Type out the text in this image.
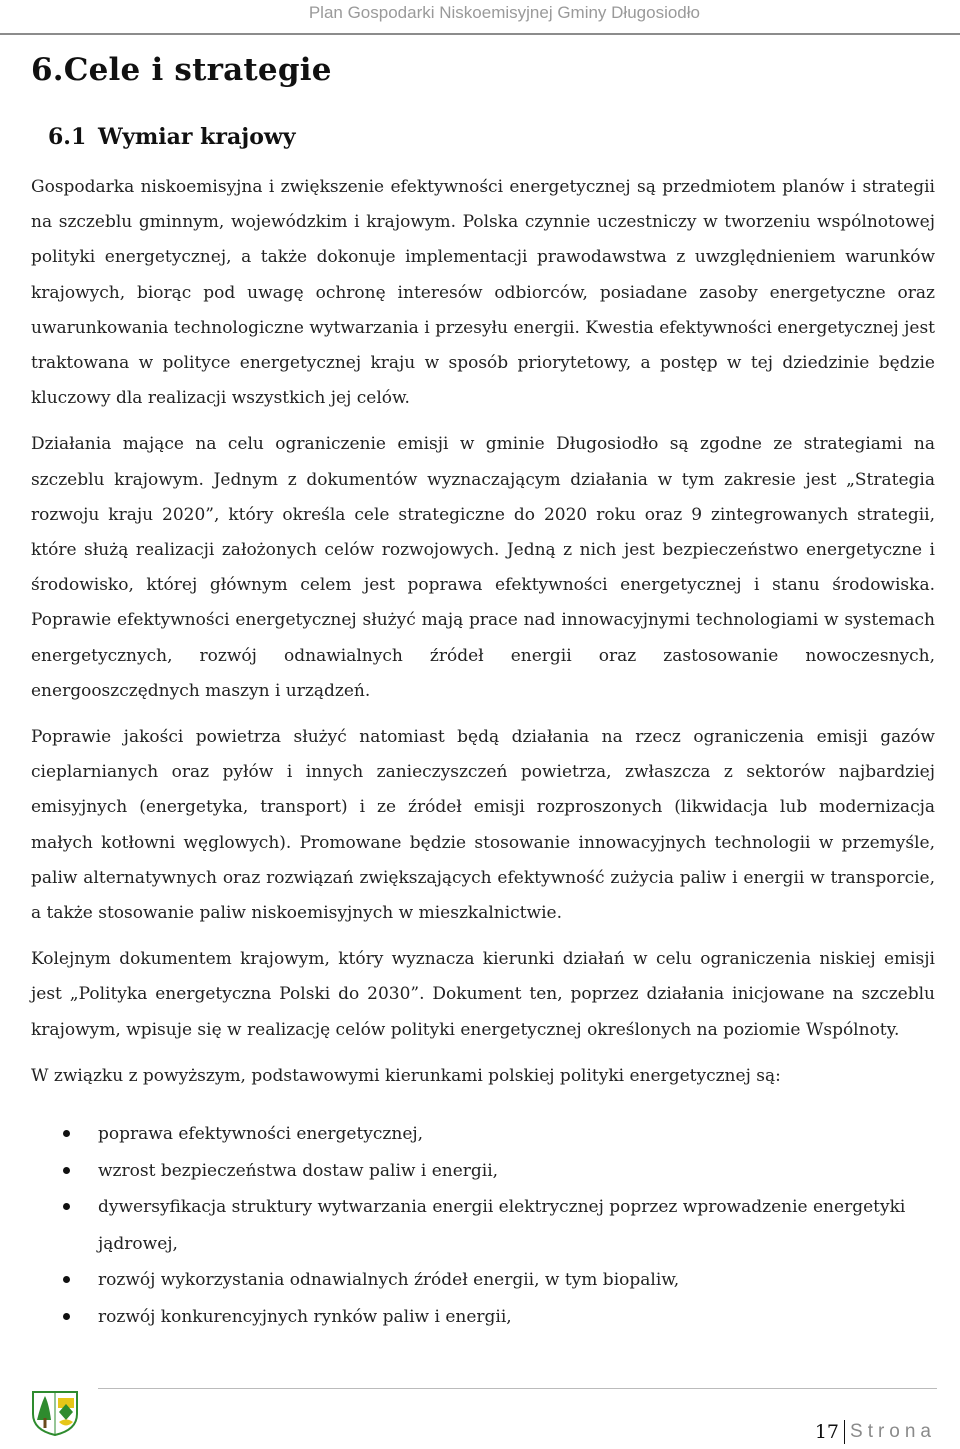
Plan Gospodarki Niskoemisyjnej Gminy Długosiodło
6.Cele i strategie
6.1 Wymiar krajowy

Gospodarka niskoemisyjna i zwiększenie efektywności energetycznej są przedmiotem planów i strategii na szczeblu gminnym, wojewódzkim i krajowym. Polska czynnie uczestniczy w tworzeniu wspólnotowej polityki energetycznej, a także dokonuje implementacji prawodawstwa z uwzględnieniem warunków krajowych, biorąc pod uwagę ochronę interesów odbiorców, posiadane zasoby energetyczne oraz uwarunkowania technologiczne wytwarzania i przesyłu energii. Kwestia efektywności energetycznej jest traktowana w polityce energetycznej kraju w sposób priorytetowy, a postęp w tej dziedzinie będzie kluczowy dla realizacji wszystkich jej celów.

Działania mające na celu ograniczenie emisji w gminie Długosiodło są zgodne ze strategiami na szczeblu krajowym. Jednym z dokumentów wyznaczającym działania w tym zakresie jest „Strategia rozwoju kraju 2020”, który określa cele strategiczne do 2020 roku oraz 9 zintegrowanych strategii, które służą realizacji założonych celów rozwojowych. Jedną z nich jest bezpieczeństwo energetyczne i środowisko, której głównym celem jest poprawa efektywności energetycznej i stanu środowiska. Poprawie efektywności energetycznej służyć mają prace nad innowacyjnymi technologiami w systemach energetycznych, rozwój odnawialnych źródeł energii oraz zastosowanie nowoczesnych, energooszczędnych maszyn i urządzeń.

Poprawie jakości powietrza służyć natomiast będą działania na rzecz ograniczenia emisji gazów cieplarnianych oraz pyłów i innych zanieczyszczeń powietrza, zwłaszcza z sektorów najbardziej emisyjnych (energetyka, transport) i ze źródeł emisji rozproszonych (likwidacja lub modernizacja małych kotłowni węglowych). Promowane będzie stosowanie innowacyjnych technologii w przemyśle, paliw alternatywnych oraz rozwiązań zwiększających efektywność zużycia paliw i energii w transporcie, a także stosowanie paliw niskoemisyjnych w mieszkalnictwie.

Kolejnym dokumentem krajowym, który wyznacza kierunki działań w celu ograniczenia niskiej emisji jest „Polityka energetyczna Polski do 2030”. Dokument ten, poprzez działania inicjowane na szczeblu krajowym, wpisuje się w realizację celów polityki energetycznej określonych na poziomie Wspólnoty.

W związku z powyższym, podstawowymi kierunkami polskiej polityki energetycznej są:

poprawa efektywności energetycznej,
wzrost bezpieczeństwa dostaw paliw i energii,
dywersyfikacja struktury wytwarzania energii elektrycznej poprzez wprowadzenie energetyki jądrowej,
rozwój wykorzystania odnawialnych źródeł energii, w tym biopaliw,
rozwój konkurencyjnych rynków paliw i energii,
17 Strona
